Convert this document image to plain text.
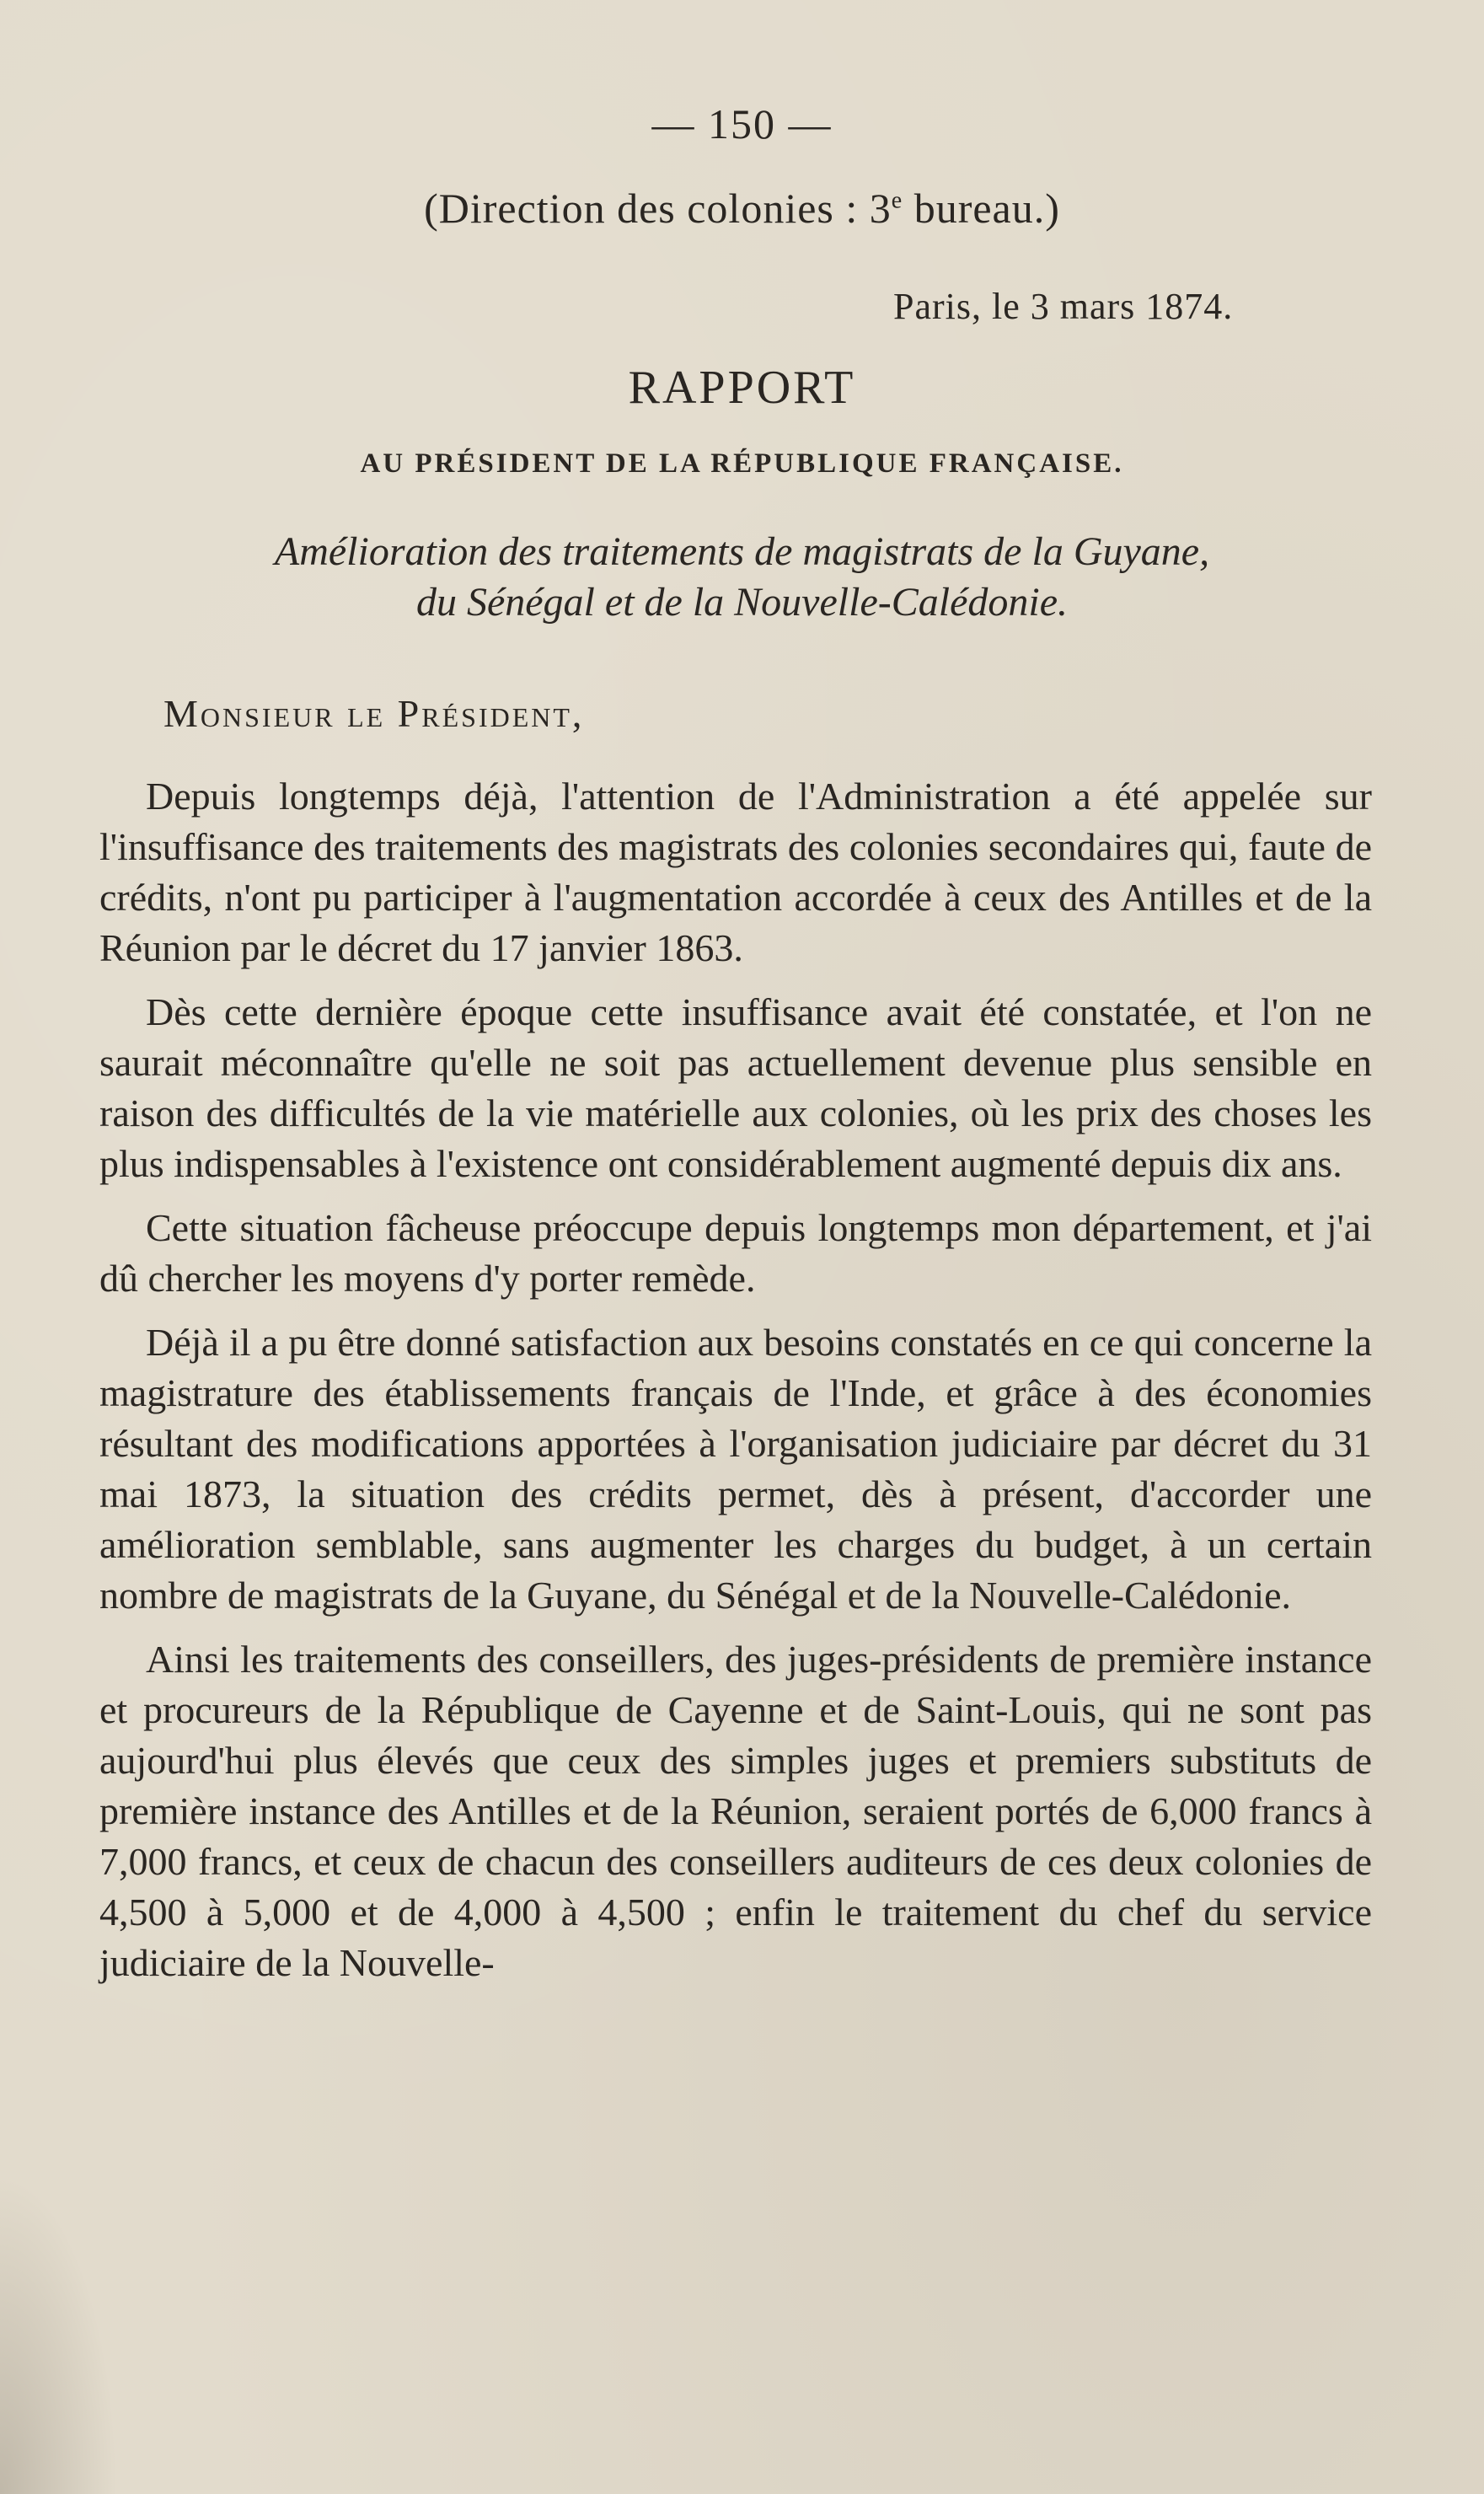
— 150 —
(Direction des colonies : 3e bureau.)
Paris, le 3 mars 1874.
RAPPORT
AU PRÉSIDENT DE LA RÉPUBLIQUE FRANÇAISE.
Amélioration des traitements de magistrats de la Guyane,
du Sénégal et de la Nouvelle-Calédonie.
Monsieur le Président,

Depuis longtemps déjà, l'attention de l'Administration a été appelée sur l'insuffisance des traitements des magistrats des colonies secondaires qui, faute de crédits, n'ont pu participer à l'augmentation accordée à ceux des Antilles et de la Réunion par le décret du 17 janvier 1863.

Dès cette dernière époque cette insuffisance avait été constatée, et l'on ne saurait méconnaître qu'elle ne soit pas actuellement devenue plus sensible en raison des difficultés de la vie matérielle aux colonies, où les prix des choses les plus indispensables à l'existence ont considérablement augmenté depuis dix ans.

Cette situation fâcheuse préoccupe depuis longtemps mon département, et j'ai dû chercher les moyens d'y porter remède.

Déjà il a pu être donné satisfaction aux besoins constatés en ce qui concerne la magistrature des établissements français de l'Inde, et grâce à des économies résultant des modifications apportées à l'organisation judiciaire par décret du 31 mai 1873, la situation des crédits permet, dès à présent, d'accorder une amélioration semblable, sans augmenter les charges du budget, à un certain nombre de magistrats de la Guyane, du Sénégal et de la Nouvelle-Calédonie.

Ainsi les traitements des conseillers, des juges-présidents de première instance et procureurs de la République de Cayenne et de Saint-Louis, qui ne sont pas aujourd'hui plus élevés que ceux des simples juges et premiers substituts de première instance des Antilles et de la Réunion, seraient portés de 6,000 francs à 7,000 francs, et ceux de chacun des conseillers auditeurs de ces deux colonies de 4,500 à 5,000 et de 4,000 à 4,500 ; enfin le traitement du chef du service judiciaire de la Nouvelle-
